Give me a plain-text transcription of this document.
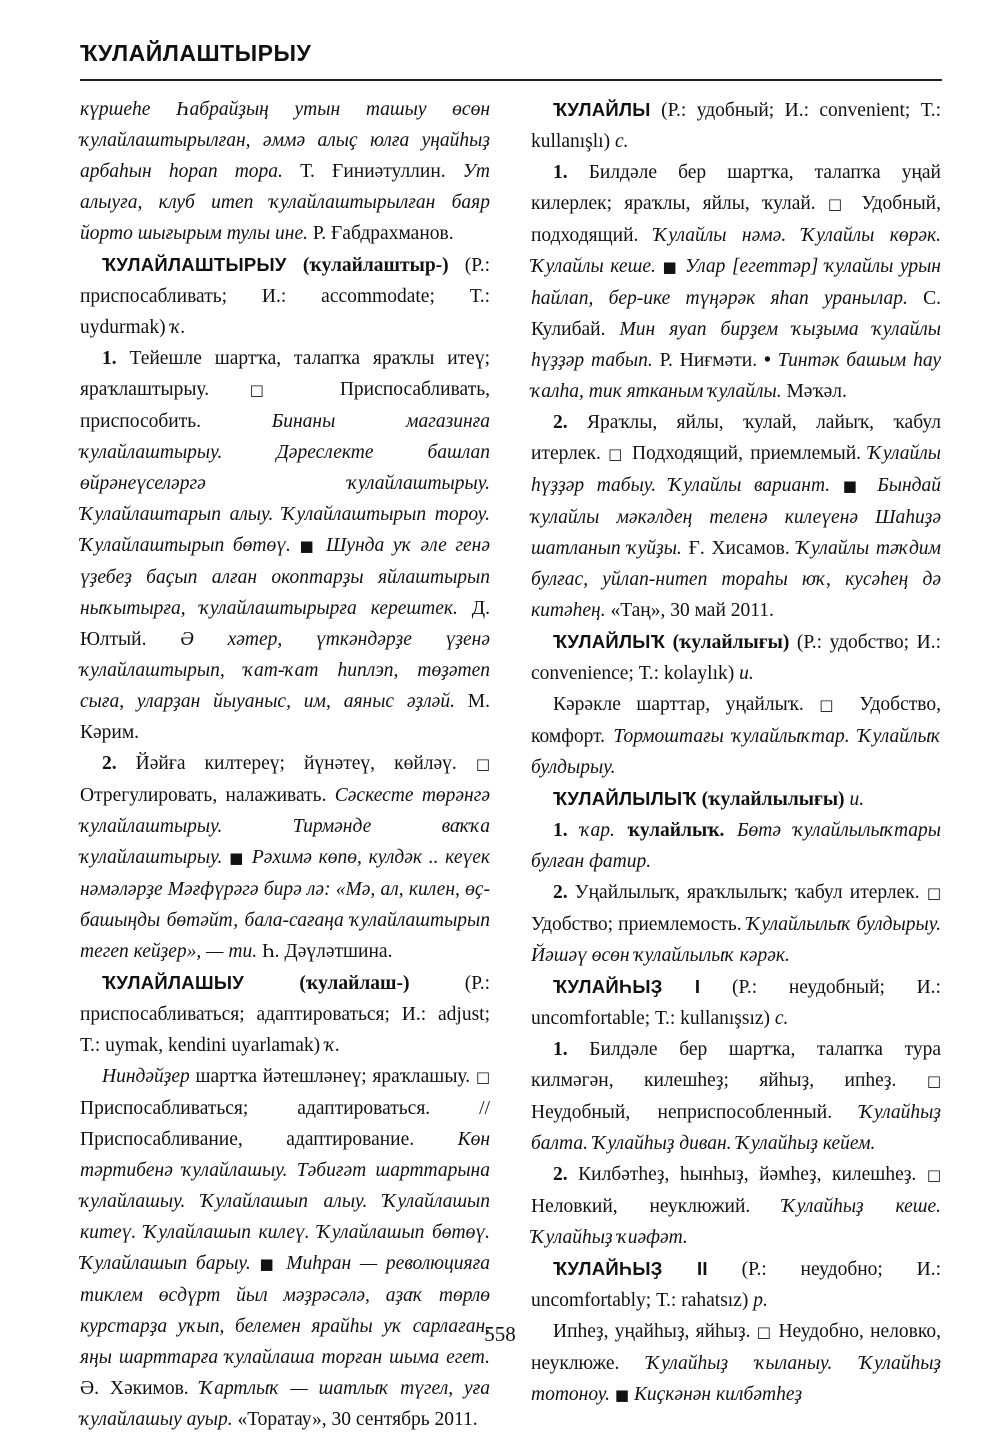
ҠУЛАЙЛАШТЫРЫУ

күршеһе Һабрайҙың утын ташыу өсөн ҡулайлаштырылған, әммә алыҫ юлға уңайһыҙ арбаһын һорап тора. Т. Ғиниәтуллин. Ут алыуға, клуб итеп ҡулайлаштырылған баяр йорто шығырым тулы ине. Р. Ғабдрахманов.

ҠУЛАЙЛАШТЫРЫУ (ҡулайлаштыр-) (Р.: приспосабливать; И.: accommodate; Т.: uydurmak) ҡ.

1. Тейешле шартҡа, талапҡа яраҡлы итеү; яраҡлаштырыу. □ Приспосабливать, приспособить. Бинаны магазинға ҡулайлаштырыу. Дәреслекте башлап өйрәнеүселәргә ҡулайлаштырыу. Ҡулайлаштарып алыу. Ҡулайлаштырып тороу. Ҡулайлаштырып бөтөү. ■ Шунда уҡ әле генә үҙебеҙ баҫып алған окоптарҙы яйлаштырып ныҡытырға, ҡулайлаштырырға керештек. Д. Юлтый. Ә хәтер, үткәндәрҙе үҙенә ҡулайлаштырып, ҡат-ҡат һиплэп, төҙәтеп сыға, уларҙан йыуаныс, им, аяныс әҙләй. М. Кәрим.

2. Йәйға килтереү; йүнәтеү, көйләү. □ Отрегулировать, налаживать. Сәскесте төрәнгә ҡулайлаштырыу. Тирмәнде ваҡҡа ҡулайлаштырыу. ■ Рәхимә көпө, кулдәк .. кеүек нәмәләрҙе Мәғфүрәгә бирә лә: «Мә, ал, килен, өҫ-башыңды бөтәйт, бала-сағаңа ҡулайлаштырып тегеп кейҙер», — ти. Һ. Дәүләтшина.

ҠУЛАЙЛАШЫУ	(ҡулайлаш-) (Р.: приспосабливаться; адаптироваться; И.: adjust; Т.: uymak, kendini uyarlamak) ҡ.

Ниндәйҙер шартҡа йәтешләнеү; яраҡлашыу. □ Приспосабливаться; адаптироваться. // Приспосабливание, адаптирование. Көн тәртибенә ҡулайлашыу. Тәбиғәт шарттарына ҡулайлашыу. Ҡулайлашып алыу. Ҡулайлашып китеү. Ҡулайлашып килеү. Ҡулайлашып бөтөү. Ҡулайлашып барыу. ■ Миһран — революцияға тиклем өсдүрт йыл мәҙрәсәлә, аҙаҡ төрлө курстарҙа уҡып, белемен ярайһы уҡ сарлаған, яңы шарттарға ҡулайлаша торған шыма егет. Ә. Хәкимов. Ҡартлыҡ — шатлыҡ түгел, уға ҡулайлашыу ауыр. «Торатау», 30 сентябрь 2011.

ҠУЛАЙЛЫ (Р.: удобный; И.: convenient; Т.: kullanışlı) с.

1. Билдәле бер шартҡа, талапҡа уңай килерлек; яраҡлы, яйлы, ҡулай. □ Удобный, подходящий. Ҡулайлы нәмә. Ҡулайлы көрәк. Ҡулайлы кеше. ■ Улар [егеттәр] ҡулайлы урын һайлап, бер-ике түңәрәк яһап уранылар. С. Кулибай. Мин яуап бирҙем ҡыҙыма ҡулайлы һүҙҙәр табып. Р. Ниғмәти. • Тинтәк башым һау ҡалһа, тик ятканым ҡулайлы. Мәҡәл.

2. Яраҡлы, яйлы, ҡулай, лайыҡ, ҡабул итерлек. □ Подходящий, приемлемый. Ҡулайлы һүҙҙәр табыу. Ҡулайлы вариант. ■ Бындай ҡулайлы мәкәлдең теленә килеүенә Шаһиҙә шатланып ҡуйҙы. Ғ. Хисамов. Ҡулайлы тәҡдим булғас, уйлап-нитеп тораһы юҡ, кусәһең дә китәһең. «Таң», 30 май 2011.

ҠУЛАЙЛЫҠ (ҡулайлығы) (Р.: удобство; И.: convenience; Т.: kolaylık) и.

Кәрәкле шарттар, уңайлыҡ. □ Удобство, комфорт. Тормоштағы ҡулайлыҡтар. Ҡулайлыҡ булдырыу.

ҠУЛАЙЛЫЛЫҠ (ҡулайлылығы) и.

1. ҡар. ҡулайлыҡ. Бөтә ҡулайлылыҡтары булған фатир.

2. Уңайлылыҡ, яраҡлылыҡ; ҡабул итерлек. □ Удобство; приемлемость. Ҡулайлылыҡ булдырыу. Йәшәү өсөн ҡулайлылыҡ кәрәк.

ҠУЛАЙҺЫҘ I (Р.: неудобный; И.: uncomfortable; Т.: kullanışsız) с.

1. Билдәле бер шартҡа, талапҡа тура килмәгән, килешһеҙ; яйһыҙ, ипһеҙ. □ Неудобный, неприспособленный. Ҡулайһыҙ балта. Ҡулайһыҙ диван. Ҡулайһыҙ кейем.

2. Килбәтһеҙ, һынһыҙ, йәмһеҙ, килешһеҙ. □ Неловкий, неуклюжий. Ҡулайһыҙ кеше. Ҡулайһыҙ ҡиәфәт.

ҠУЛАЙҺЫҘ II (Р.: неудобно; И.: uncomfortably; Т.: rahatsız) р.

Ипһеҙ, уңайһыҙ, яйһыҙ. □ Неудобно, неловко, неуклюже. Ҡулайһыҙ ҡыланыу. Ҡулайһыҙ тотоноу. ■ Киҫкәнән килбәтһеҙ

558
